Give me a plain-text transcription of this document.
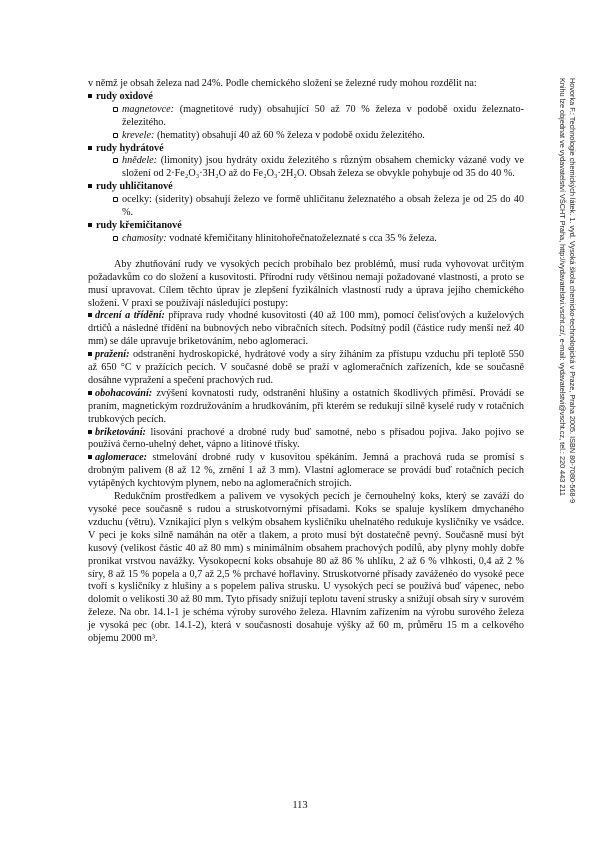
v němž je obsah železa nad 24%. Podle chemického složení se železné rudy mohou rozdělit na:

rudy oxidové
magnetovce: (magnetitové rudy) obsahující 50 až 70 % železa v podobě oxidu železnato-železitého.
krevele: (hematity) obsahují 40 až 60 % železa v podobě oxidu železitého.
rudy hydrátové
hnědele: (limonity) jsou hydráty oxidu železitého s různým obsahem chemicky vázané vody ve složení od 2·Fe₂O₃·3H₂O až do Fe₂O₃·2H₂O. Obsah železa se obvykle pohybuje od 35 do 40 %.
rudy uhličitanové
ocelky: (siderity) obsahují železo ve formě uhličitanu železnatého a obsah železa je od 25 do 40 %.
rudy křemičitanové
chamosity: vodnaté křemičitany hlinitohořečnatoželeznaté s cca 35 % železa.

Aby zhutňování rudy ve vysokých pecích probíhalo bez problémů, musí ruda vyhovovat určitým požadavkům co do složení a kusovitosti. Přírodní rudy většinou nemají požadované vlastnosti, a proto se musí upravovat. Cílem těchto úprav je zlepšení fyzikálních vlastností rudy a úprava jejího chemického složení. V praxi se používají následující postupy:

drcení a třídění: příprava rudy vhodné kusovitosti (40 až 100 mm), pomocí čelisťových a kuželových drtičů a následné třídění na bubnových nebo vibračních sítech. Podsítný podíl (částice rudy menší než 40 mm) se dále upravuje briketováním, nebo aglomeraci.
pražení: odstranění hydroskopické, hydrátové vody a síry žíháním za přístupu vzduchu při teplotě 550 až 650 °C v pražících pecích. V současné době se praží v aglomeračních zařízeních, kde se současně dosáhne vypražení a spečení prachových rud.
obohacování: zvýšení kovnatosti rudy, odstranění hlušiny a ostatních škodlivých příměsí. Provádí se praním, magnetickým rozdružováním a hrudkováním, při kterém se redukují silně kyselé rudy v rotačních trubkových pecích.
briketování: lisování prachové a drobné rudy buď samotné, nebo s přísadou pojiva. Jako pojivo se používá černo-uhelný dehet, vápno a litinové třísky.
aglomerace: stmelování drobné rudy v kusovitou spékáním. Jemná a prachová ruda se promísí s drobným palivem (8 až 12 %, zrnění 1 až 3 mm). Vlastní aglomerace se provádí buď rotačních pecích vytápěných kychtovým plynem, nebo na aglomeračních strojích.

Redukčním prostředkem a palivem ve vysokých pecích je černouhelný koks, který se zaváží do vysoké pece současně s rudou a struskotvornými přísadami. Koks se spaluje kyslíkem dmychaného vzduchu (větru). Vznikající plyn s velkým obsahem kysličníku uhelnatého redukuje kysličníky ve vsádce. V peci je koks silně namáhán na otěr a tlakem, a proto musí být dostatečně pevný. Současně musí být kusový (velikost částic 40 až 80 mm) s minimálním obsahem prachových podílů, aby plyny mohly dobře pronikat vrstvou navážky. Vysokopecní koks obsahuje 80 až 86 % uhlíku, 2 až 6 % vlhkosti, 0,4 až 2 % síry, 8 až 15 % popela a 0,7 až 2,5 % prchavé hořlaviny. Struskotvorné přísady zaváženéo do vysoké pece tvoří s kysličníky z hlušiny a s popelem paliva strusku. U vysokých pecí se používá buď vápenec, nebo dolomit o velikosti 30 až 80 mm. Tyto přísady snižují teplotu tavení strusky a snižují obsah síry v surovém železe. Na obr. 14.1-1 je schéma výroby surového železa. Hlavním zařízením na výrobu surového železa je vysoká pec (obr. 14.1-2), která v současnosti dosahuje výšky až 60 m, průměru 15 m a celkového objemu 2000 m³.

113
Hovorka F.: Technologie chemických látek. 1. vyd. Vysoká škola chemicko-technologická v Praze, Praha 2005. ISBN 80-7080-568-9
Knihu lze objednat ve vydavatelství VŠCHT Praha, http://vydavatelstvi.vscht.cz/, e-mail: vydavatelstvi@vscht.cz, tel.: 220 443 211
